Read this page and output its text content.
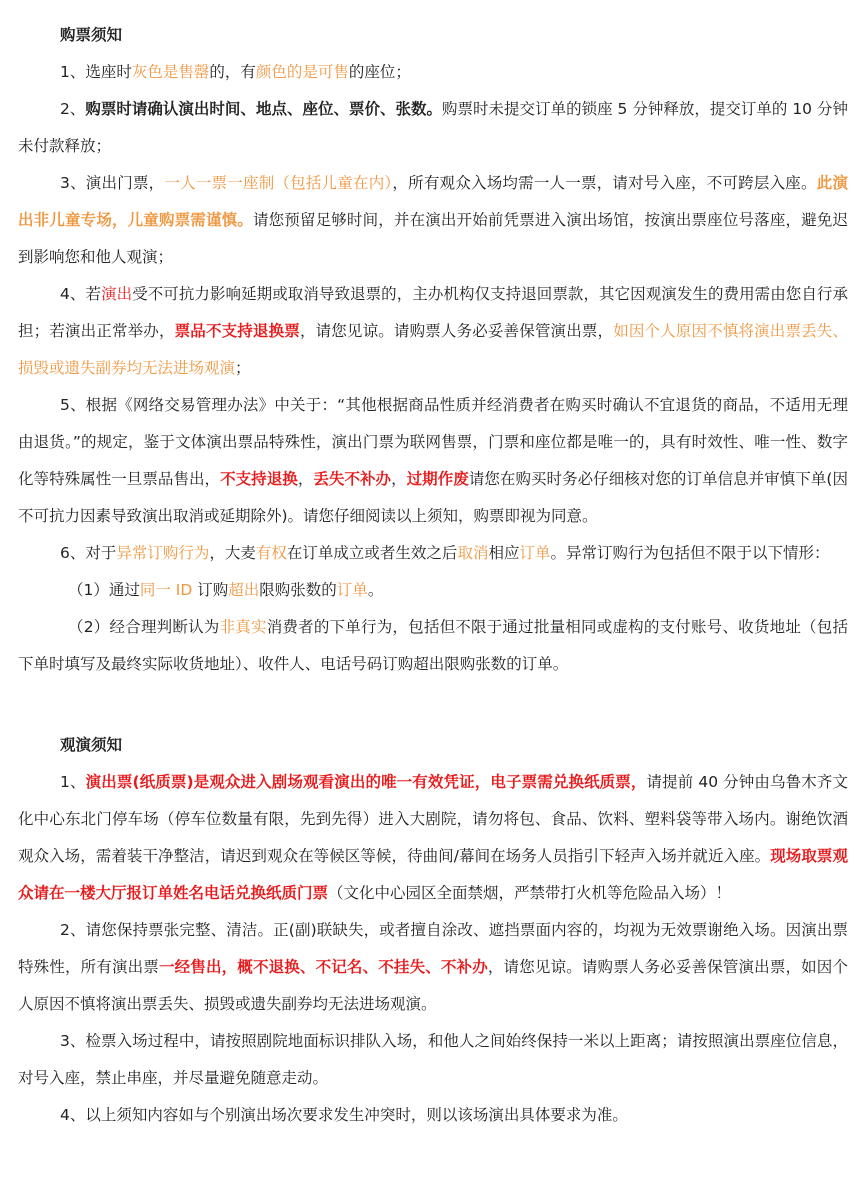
购票须知
1、选座时灰色是售罄的，有颜色的是可售的座位；
2、购票时请确认演出时间、地点、座位、票价、张数。购票时未提交订单的锁座 5 分钟释放，提交订单的 10 分钟未付款释放；
3、演出门票，一人一票一座制（包括儿童在内），所有观众入场均需一人一票，请对号入座，不可跨层入座。此演出非儿童专场，儿童购票需谨慎。请您预留足够时间，并在演出开始前凭票进入演出场馆，按演出票座位号落座，避免迟到影响您和他人观演；
4、若演出受不可抗力影响延期或取消导致退票的，主办机构仅支持退回票款，其它因观演发生的费用需由您自行承担；若演出正常举办，票品不支持退换票，请您见谅。请购票人务必妥善保管演出票，如因个人原因不慎将演出票丢失、损毁或遗失副券均无法进场观演；
5、根据《网络交易管理办法》中关于：“其他根据商品性质并经消费者在购买时确认不宜退货的商品，不适用无理由退货。”的规定，鉴于文体演出票品特殊性，演出门票为联网售票，门票和座位都是唯一的，具有时效性、唯一性、数字化等特殊属性一旦票品售出，不支持退换，丢失不补办，过期作废请您在购买时务必仔细核对您的订单信息并审慎下单(因不可抗力因素导致演出取消或延期除外)。请您仔细阅读以上须知，购票即视为同意。
6、对于异常订购行为，大麦有权在订单成立或者生效之后取消相应订单。异常订购行为包括但不限于以下情形：
（1）通过同一 ID 订购超出限购张数的订单。
（2）经合理判断认为非真实消费者的下单行为，包括但不限于通过批量相同或虚构的支付账号、收货地址（包括下单时填写及最终实际收货地址）、收件人、电话号码订购超出限购张数的订单。
观演须知
1、演出票(纸质票)是观众进入剧场观看演出的唯一有效凭证，电子票需兑换纸质票，请提前 40 分钟由乌鲁木齐文化中心东北门停车场（停车位数量有限，先到先得）进入大剧院，请勿将包、食品、饮料、塑料袋等带入场内。谢绝饮酒观众入场，需着装干净整洁，请迟到观众在等候区等候，待曲间/幕间在场务人员指引下轻声入场并就近入座。现场取票观众请在一楼大厅报订单姓名电话兑换纸质门票（文化中心园区全面禁烟，严禁带打火机等危险品入场）！
2、请您保持票张完整、清洁。正(副)联缺失，或者擅自涂改、遮挡票面内容的，均视为无效票谢绝入场。因演出票特殊性，所有演出票一经售出，概不退换、不记名、不挂失、不补办，请您见谅。请购票人务必妥善保管演出票，如因个人原因不慎将演出票丢失、损毁或遗失副券均无法进场观演。
3、检票入场过程中，请按照剧院地面标识排队入场，和他人之间始终保持一米以上距离；请按照演出票座位信息，对号入座，禁止串座，并尽量避免随意走动。
4、以上须知内容如与个别演出场次要求发生冲突时，则以该场演出具体要求为准。
